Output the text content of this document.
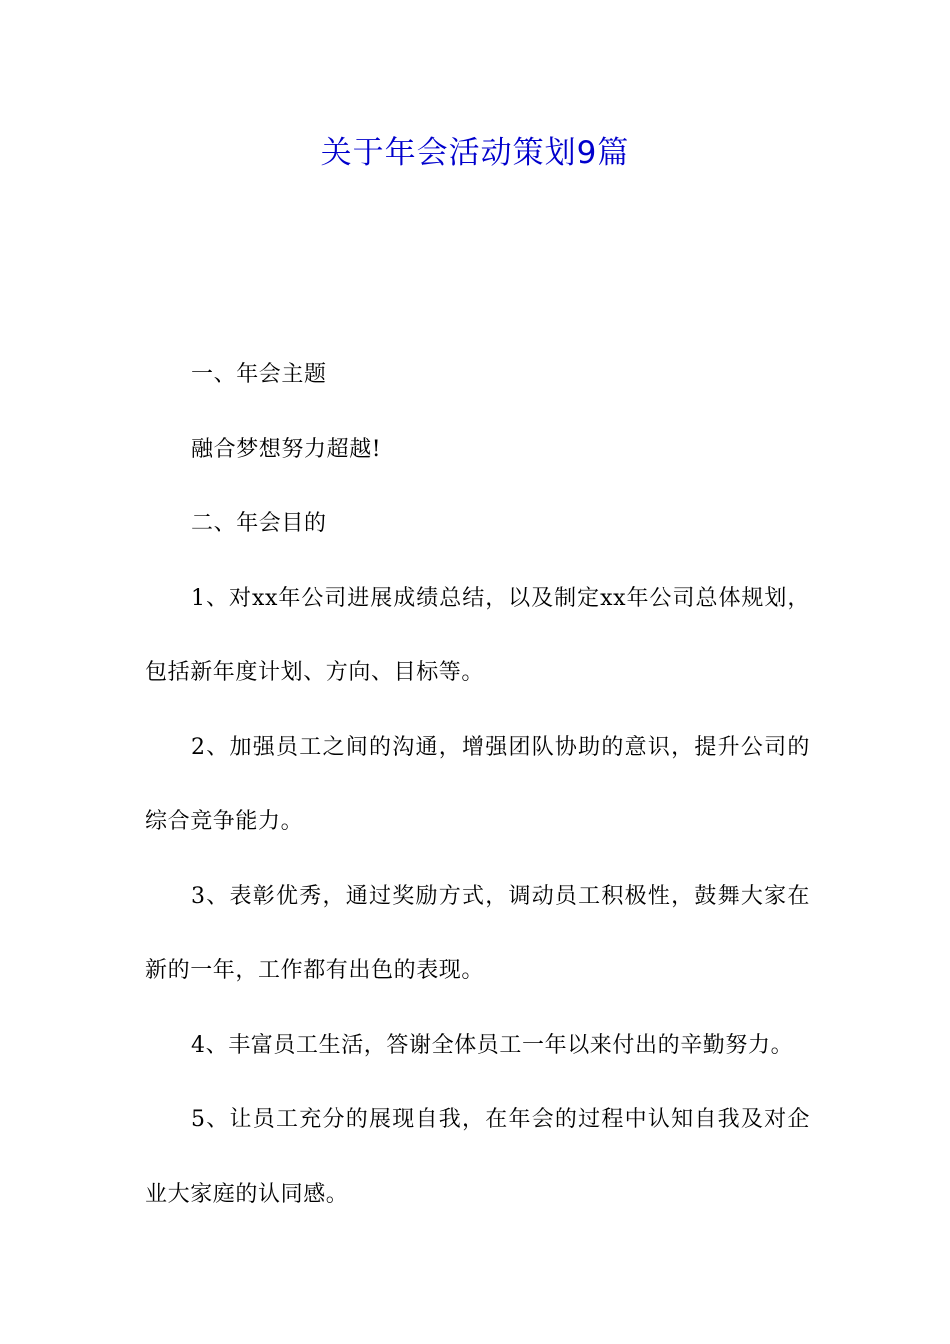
关于年会活动策划9篇

一、年会主题

融合梦想努力超越!

二、年会目的

1、对xx年公司进展成绩总结，以及制定xx年公司总体规划，包括新年度计划、方向、目标等。

2、加强员工之间的沟通，增强团队协助的意识，提升公司的综合竞争能力。

3、表彰优秀，通过奖励方式，调动员工积极性，鼓舞大家在新的一年，工作都有出色的表现。

4、丰富员工生活，答谢全体员工一年以来付出的辛勤努力。

5、让员工充分的展现自我，在年会的过程中认知自我及对企业大家庭的认同感。
